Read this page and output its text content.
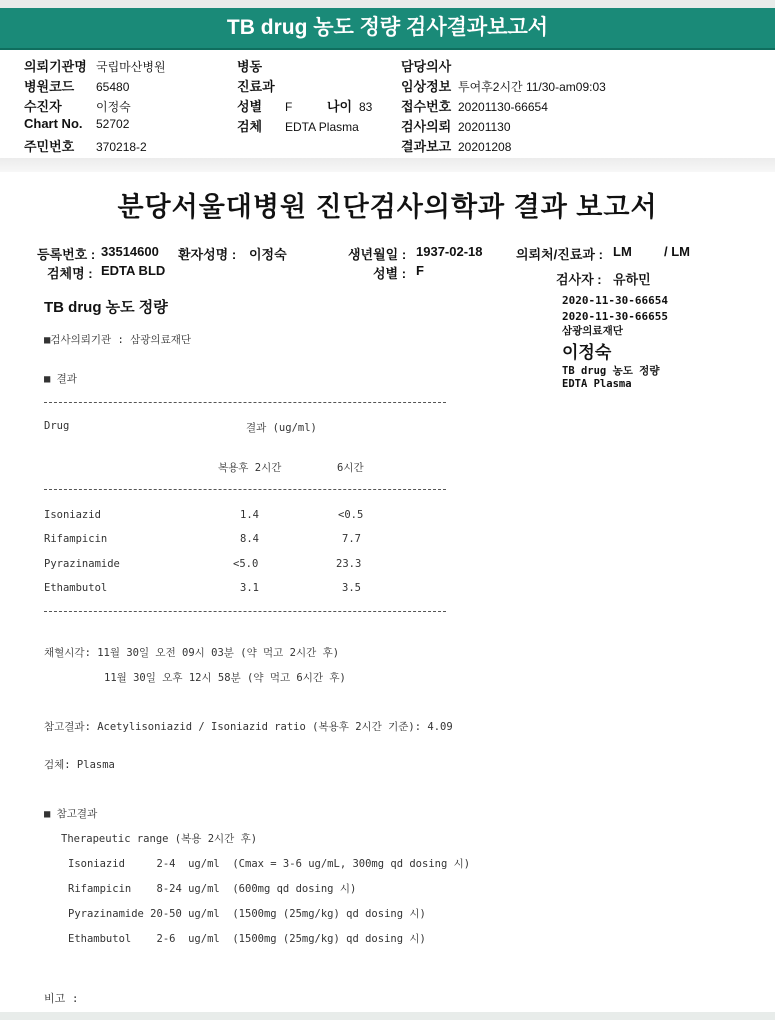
TB drug 농도 정량 검사결과보고서
의뢰기관명 국립마산병원
병원코드 65480
수진자	이정숙
Chart No. 52702
주민번호 370218-2
병동
진료과
성별 F	나이 83
검체 EDTA Plasma
담당의사
임상정보 투여후2시간 11/30-am09:03
접수번호 20201130-66654
검사의뢰 20201130
결과보고 20201208
분당서울대병원 진단검사의학과 결과 보고서
등록번호 : 33514600 환자성명 : 이정숙	생년월일 : 1937-02-18	의뢰처/진료과 : LM / LM
검체명 : EDTA BLD	성별 : F
검사자 : 유하민
TB drug 농도 정량	2020-11-30-66654
2020-11-30-66655
삼광의료재단
이정숙
TB drug 농도 정량
EDTA Plasma
■검사의뢰기관 : 삼광의료재단
■ 결과
Drug	결과 (ug/ml)
복용후 2시간	6시간
Isoniazid	1.4	<0.5
Rifampicin	8.4	7.7
Pyrazinamide	<5.0	23.3
Ethambutol	3.1	3.5
채혈시각: 11월 30일 오전 09시 03분 (약 먹고 2시간 후)
11월 30일 오후 12시 58분 (약 먹고 6시간 후)
참고결과: Acetylisoniazid / Isoniazid ratio (복용후 2시간 기준): 4.09
검체: Plasma
■ 참고결과
Therapeutic range (복용 2시간 후)
Isoniazid     2-4  ug/ml  (Cmax = 3-6 ug/mL, 300mg qd dosing 시)
Rifampicin    8-24 ug/ml  (600mg qd dosing 시)
Pyrazinamide 20-50 ug/ml  (1500mg (25mg/kg) qd dosing 시)
Ethambutol    2-6  ug/ml  (1500mg (25mg/kg) qd dosing 시)
비고 :
